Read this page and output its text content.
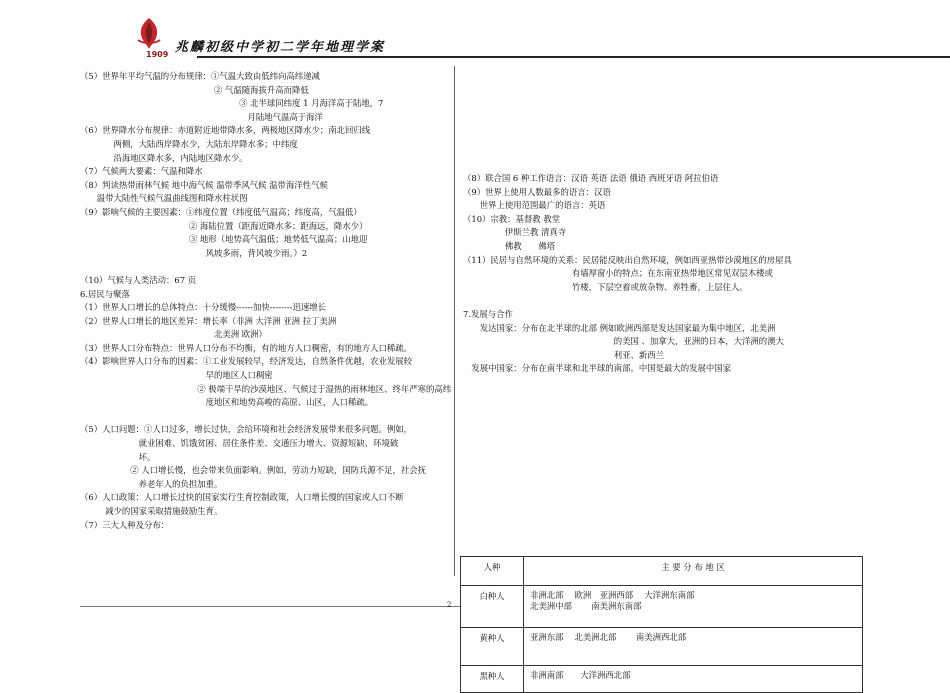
1909 兆麟初级中学初二学年地理学案

（5）世界年平均气温的分布规律：①气温大致由低纬向高纬递减

　　　　　　　　　　　　　　　　② 气温随海拔升高而降低

　　　　　　　　　　　　　　　　　　　③ 北半球同纬度 1 月海洋高于陆地，7

　　　　　　　　　　　　　　　　　　　　月陆地气温高于海洋

（6）世界降水分布规律：赤道附近地带降水多，两极地区降水少；南北回归线

　　　　两侧，大陆西岸降水少，大陆东岸降水多；中纬度

　　　　沿海地区降水多，内陆地区降水少。

（7）气候两大要素：气温和降水

（8）判读热带雨林气候 地中海气候 温带季风气候 温带海洋性气候

　　温带大陆性气候气温曲线图和降水柱状图

（9）影响气候的主要因素：①纬度位置（纬度低气温高；纬度高，气温低）

　　　　　　　　　　　　　② 海陆位置（距海近降水多；距海远，降水少）

　　　　　　　　　　　　　③ 地形（地势高气温低；地势低气温高；山地迎

　　　　　　　　　　　　　　　风坡多雨，背风坡少雨。）2

（10）气候与人类活动：67 页

6.居民与聚落

（1）世界人口增长的总体特点：十分缓慢------加快--------迅速增长

（2）世界人口增长的地区差异：增长率（非洲 大洋洲 亚洲 拉丁美洲

　　　　　　　　　　　　　　　　北美洲 欧洲）

（3）世界人口分布特点：世界人口分布不均衡，有的地方人口稠密，有的地方人口稀疏。

（4）影响世界人口分布的因素：①工业发展较早，经济发达，自然条件优越，农业发展较

　　　　　　　　　　　　　　　早的地区人口稠密

　　　　　　　　　　　　　　② 极端干旱的沙漠地区、气候过于湿热的雨林地区、终年严寒的高纬

　　　　　　　　　　　　　　　度地区和地势高峻的高原、山区，人口稀疏。

（5）人口问题：①人口过多，增长过快，会给环境和社会经济发展带来很多问题。例如，

　　　　　　　就业困难、饥饿贫困、居住条件差、交通压力增大、资源短缺、环境破

　　　　　　　坏。

　　　　　　② 人口增长慢，也会带来负面影响。例如，劳动力短缺，国防兵源不足，社会抚

　　　　　　　养老年人的负担加重。

（6）人口政策：人口增长过快的国家实行生育控制政策，人口增长慢的国家或人口不断

　　　减少的国家采取措施鼓励生育。

（7）三大人种及分布：

（8）联合国 6 种工作语言：汉语 英语 法语 俄语 西班牙语 阿拉伯语

（9）世界上使用人数最多的语言：汉语

　　世界上使用范围最广的语言：英语

（10）宗教：基督教 教堂

　　　　　伊斯兰教 清真寺

　　　　　佛教　　佛塔

（11）民居与自然环境的关系：民居能反映出自然环境，例如西亚热带沙漠地区的房屋具

　　　　　　　　　　　　　有墙厚窗小的特点；在东南亚热带地区常见双层木楼或

　　　　　　　　　　　　　竹楼，下层空着或放杂物、养牲畜，上层住人。

7.发展与合作

　　发达国家：分布在北半球的北部 例如欧洲西部是发达国家最为集中地区，北美洲

　　　　　　　　　　　　　　　　　　的美国 、加拿大，亚洲的日本，大洋洲的澳大

　　　　　　　　　　　　　　　　　　利亚、新西兰

　发展中国家：分布在南半球和北半球的南部。中国是最大的发展中国家

人种	主 要 分 布 地 区
白种人	非洲北部　 欧洲　亚洲西部　 大洋洲东南部
北美洲中部　　 南美洲东南部

黄种人	亚洲东部　 北美洲北部　　 南美洲西北部

黑种人	非洲南部　　大洋洲西北部
2
